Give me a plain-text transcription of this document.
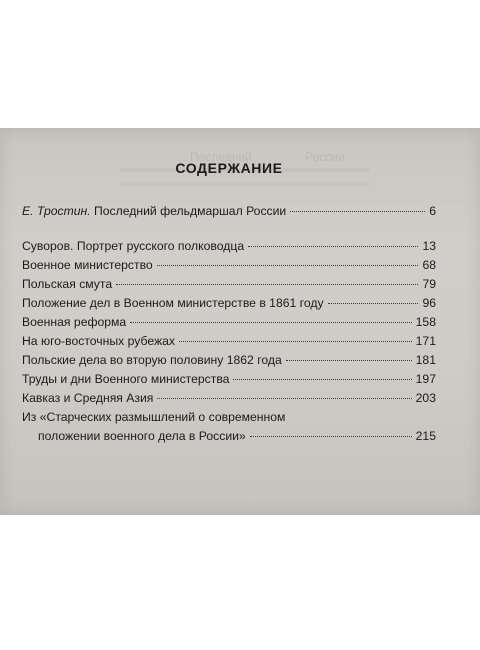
Последний	России
СОДЕРЖАНИЕ
Е. Тростин. Последний фельдмаршал России	6
Суворов. Портрет русского полководца	13
Военное министерство	68
Польская смута	79
Положение дел в Военном министерстве в 1861 году	96
Военная реформа	158
На юго-восточных рубежах	171
Польские дела во вторую половину 1862 года	181
Труды и дни Военного министерства	197
Кавказ и Средняя Азия	203
Из «Старческих размышлений о современном
положении военного дела в России»	215
